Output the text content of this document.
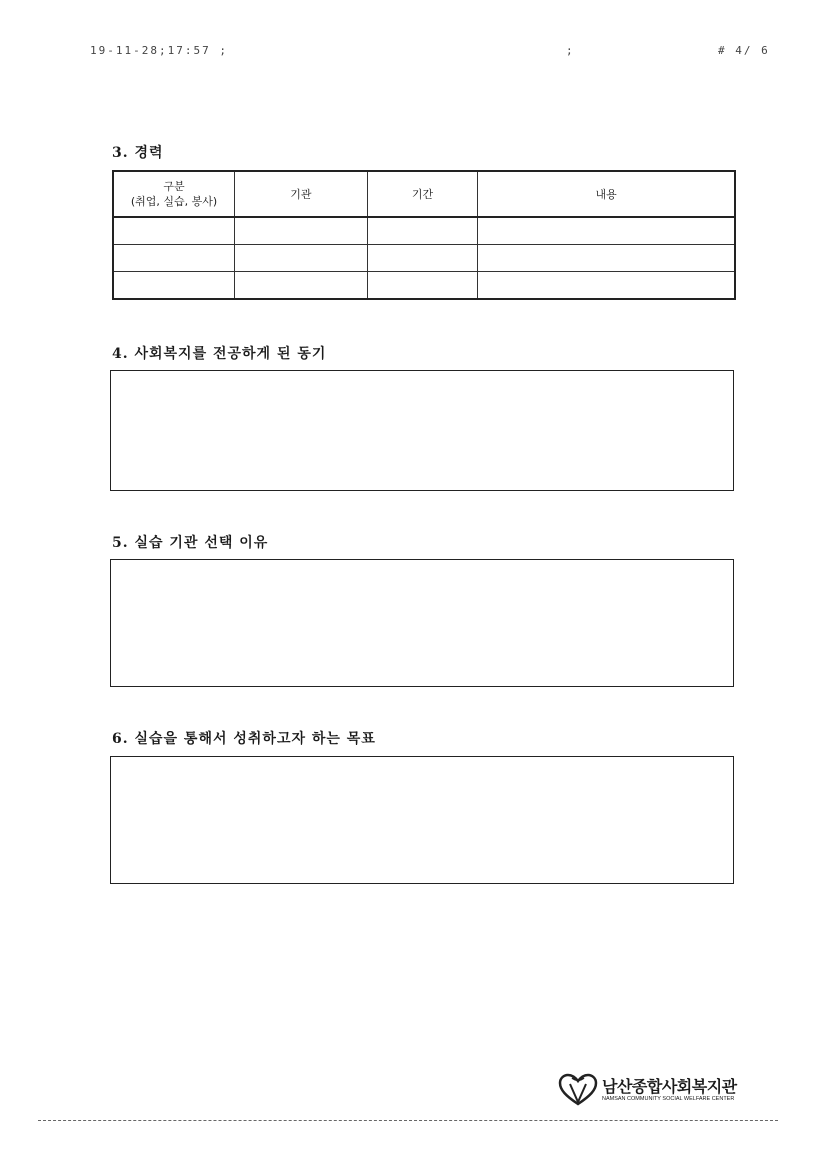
19-11-28;17:57 ;	;	# 4/ 6
3. 경력
구분
(취업, 실습, 봉사)	기관	기간	내용

4. 사회복지를 전공하게 된 동기
5. 실습 기관 선택 이유
6. 실습을 통해서 성취하고자 하는 목표
남산종합사회복지관
NAMSAN COMMUNITY SOCIAL WELFARE CENTER
